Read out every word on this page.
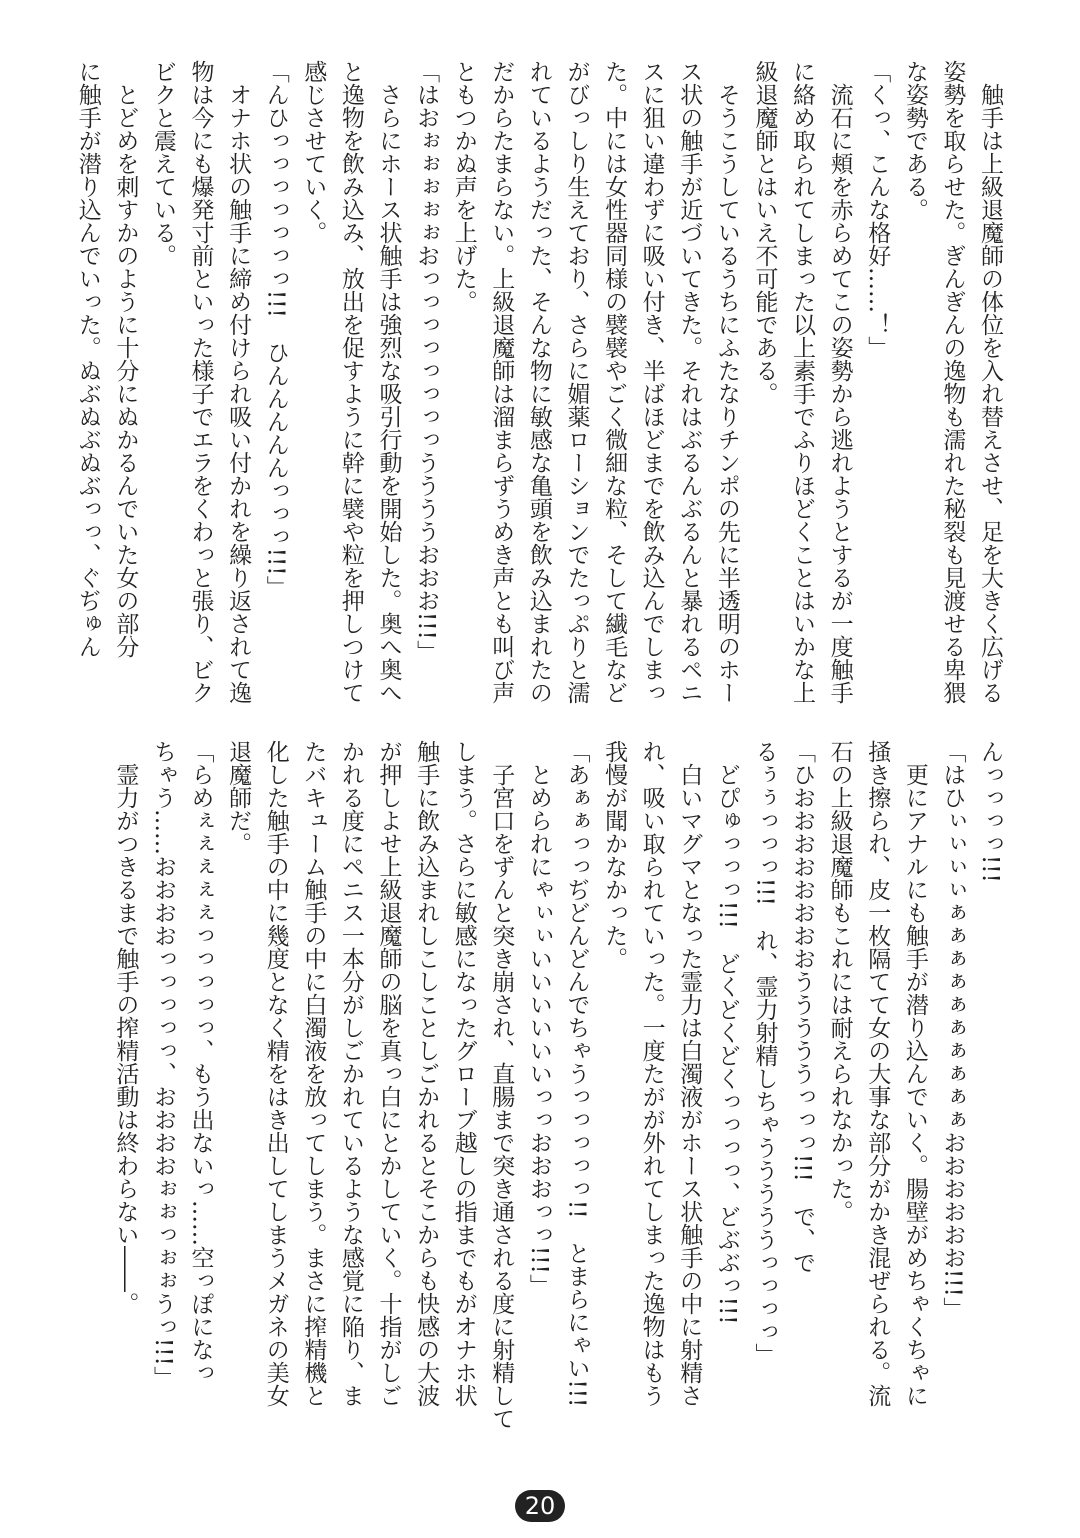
　触手は上級退魔師の体位を入れ替えさせ、足を大きく広げる
姿勢を取らせた。ぎんぎんの逸物も濡れた秘裂も見渡せる卑猥
な姿勢である。
「くっ、こんな格好……！」
　流石に頬を赤らめてこの姿勢から逃れようとするが一度触手
に絡め取られてしまった以上素手でふりほどくことはいかな上
級退魔師とはいえ不可能である。
　そうこうしているうちにふたなりチンポの先に半透明のホー
ス状の触手が近づいてきた。それはぶるんぶるんと暴れるペニ
スに狙い違わずに吸い付き、半ばほどまでを飲み込んでしまっ
た。中には女性器同様の襞襞やごく微細な粒、そして繊毛など
がびっしり生えており、さらに媚薬ローションでたっぷりと濡
れているようだった、そんな物に敏感な亀頭を飲み込まれたの
だからたまらない。上級退魔師は溜まらずうめき声とも叫び声
ともつかぬ声を上げた。
「はおぉぉぉぉぉおっっっっっっっっううううおおお!!!」
　さらにホース状触手は強烈な吸引行動を開始した。奥へ奥へ
と逸物を飲み込み、放出を促すように幹に襞や粒を押しつけて
感じさせていく。
「んひっっっっっっっ!!!　ひんんんんんっっっ!!!」
　オナホ状の触手に締め付けられ吸い付かれを繰り返されて逸
物は今にも爆発寸前といった様子でエラをくわっと張り、ビク
ビクと震えている。
　とどめを刺すかのように十分にぬかるんでいた女の部分
に触手が潜り込んでいった。ぬぶぬぶぬぶっっ、ぐぢゅん
んっっっっ!!!
「はひぃぃぃぃぁぁぁぁぁぁぁぁぁぁおおおおおお!!!」
　更にアナルにも触手が潜り込んでいく。腸壁がめちゃくちゃに
掻き擦られ、皮一枚隔てて女の大事な部分がかき混ぜられる。流
石の上級退魔師もこれには耐えられなかった。
「ひおおおおおおおおうううううっっっ!!!　で、で
るぅぅっっっ!!!　れ、霊力射精しちゃうううううっっっっ」
　どぴゅっっっ!!!　どくどくどくっっっっ、どぶぶっ!!!
　白いマグマとなった霊力は白濁液がホース状触手の中に射精さ
れ、吸い取られていった。一度たがが外れてしまった逸物はもう
我慢が聞かなかった。
「あぁぁっっぢどんどんでちゃうっっっっっ!!　とまらにゃい!!!
　とめられにゃぃぃいいいいいいっっおおおっっ!!!」
　子宮口をずんと突き崩され、直腸まで突き通される度に射精して
しまう。さらに敏感になったグローブ越しの指までもがオナホ状
触手に飲み込まれしこしことしごかれるとそこからも快感の大波
が押しよせ上級退魔師の脳を真っ白にとかしていく。十指がしご
かれる度にペニス一本分がしごかれているような感覚に陥り、ま
たバキューム触手の中に白濁液を放ってしまう。まさに搾精機と
化した触手の中に幾度となく精をはき出してしまうメガネの美女
退魔師だ。
「らめぇぇぇぇぇっっっっっ、もう出ないっ……空っぽになっ
ちゃう……おおおおっっっっっ、おおおおぉぉっぉぉうっ!!!」
　霊力がつきるまで触手の搾精活動は終わらない――。
20
